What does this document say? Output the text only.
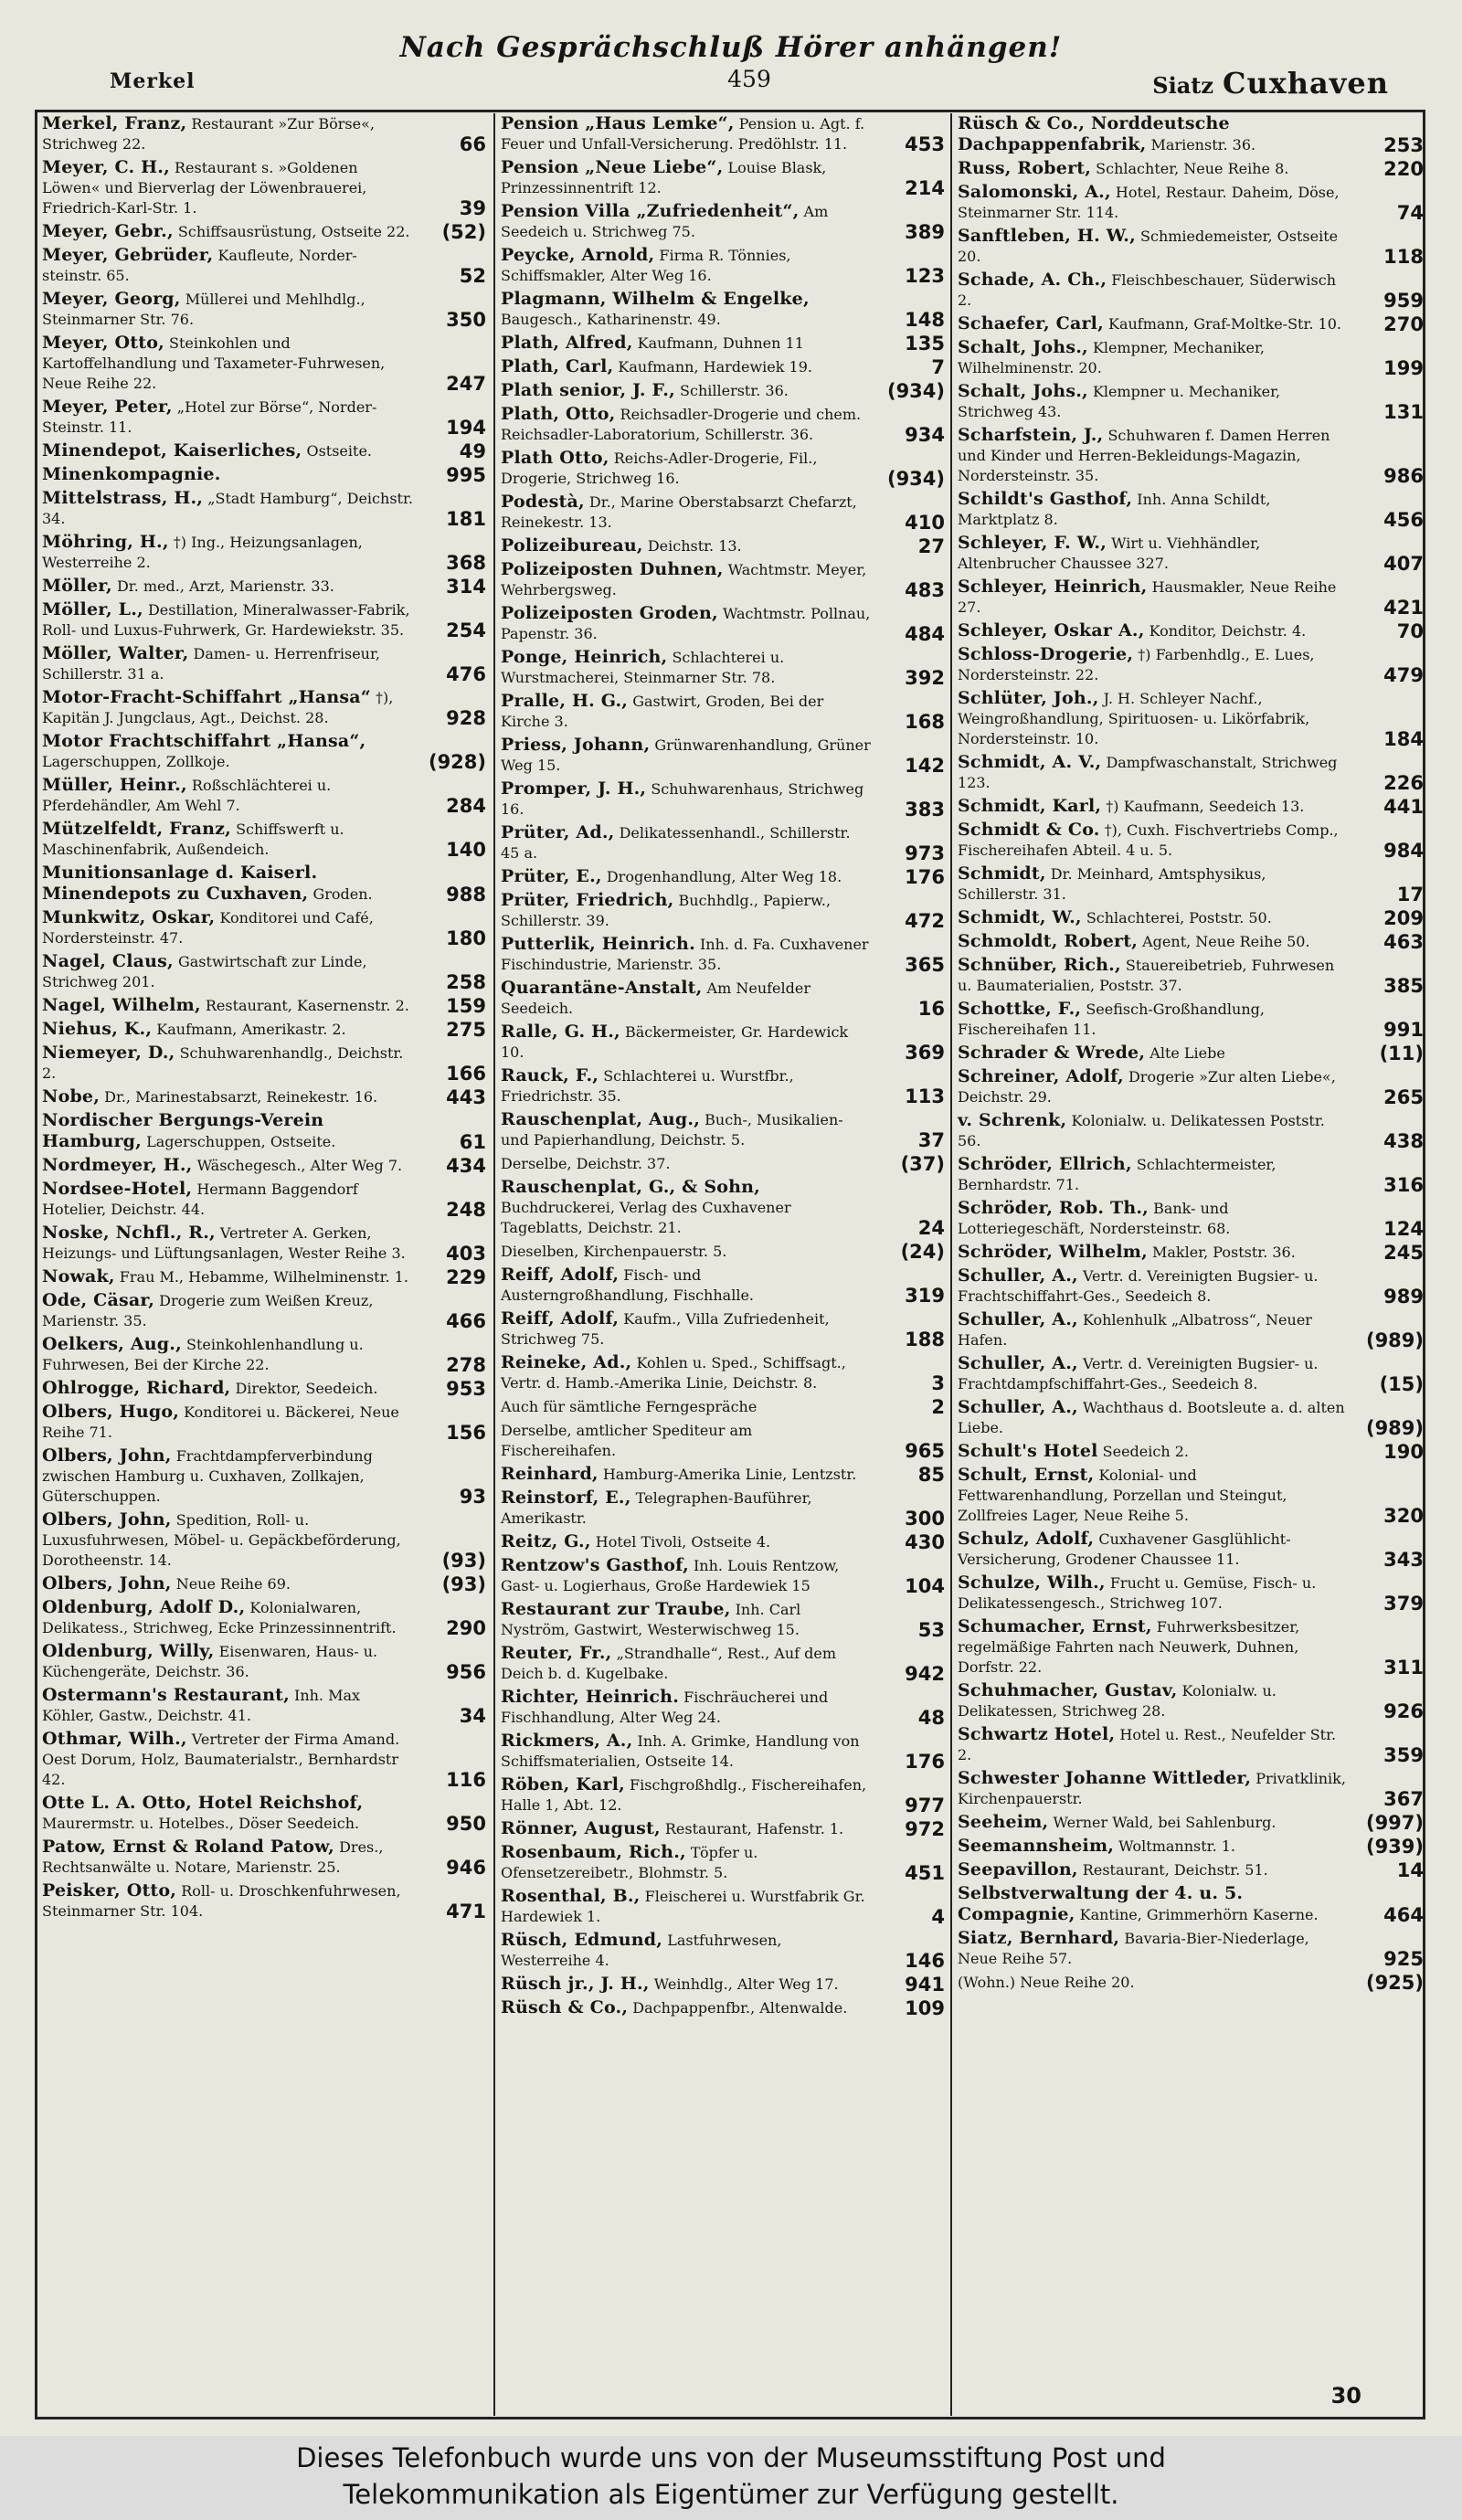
Nach Gesprächschluß Hörer anhängen!
Merkel	459	Siatz Cuxhaven
Merkel, Franz, Restaurant »Zur Börse«, Strichweg 22.	66
Meyer, C. H., Restaurant s. »Goldenen Löwen« und Bierverlag der Löwenbrauerei, Friedrich-Karl-Str. 1.	39
Meyer, Gebr., Schiffsausrüstung, Ostseite 22.	(52)
Meyer, Gebrüder, Kaufleute, Norder-steinstr. 65.	52
Meyer, Georg, Müllerei und Mehlhdlg., Steinmarner Str. 76.	350
Meyer, Otto, Steinkohlen und Kartoffelhandlung und Taxameter-Fuhrwesen, Neue Reihe 22.	247
Meyer, Peter, „Hotel zur Börse“, Norder-Steinstr. 11.	194
Minendepot, Kaiserliches, Ostseite.	49
Minenkompagnie.	995
Mittelstrass, H., „Stadt Hamburg“, Deichstr. 34.	181
Möhring, H., †) Ing., Heizungsanlagen, Westerreihe 2.	368
Möller, Dr. med., Arzt, Marienstr. 33.	314
Möller, L., Destillation, Mineralwasser-Fabrik, Roll- und Luxus-Fuhrwerk, Gr. Hardewiekstr. 35.	254
Möller, Walter, Damen- u. Herrenfriseur, Schillerstr. 31 a.	476
Motor-Fracht-Schiffahrt „Hansa“ †), Kapitän J. Jungclaus, Agt., Deichst. 28.	928
Motor Frachtschiffahrt „Hansa“, Lagerschuppen, Zollkoje.	(928)
Müller, Heinr., Roßschlächterei u. Pferdehändler, Am Wehl 7.	284
Mützelfeldt, Franz, Schiffswerft u. Maschinenfabrik, Außendeich.	140
Munitionsanlage d. Kaiserl. Minendepots zu Cuxhaven, Groden.	988
Munkwitz, Oskar, Konditorei und Café, Nordersteinstr. 47.	180
Nagel, Claus, Gastwirtschaft zur Linde, Strichweg 201.	258
Nagel, Wilhelm, Restaurant, Kasernenstr. 2.	159
Niehus, K., Kaufmann, Amerikastr. 2.	275
Niemeyer, D., Schuhwarenhandlg., Deichstr. 2.	166
Nobe, Dr., Marinestabsarzt, Reinekestr. 16.	443
Nordischer Bergungs-Verein Hamburg, Lagerschuppen, Ostseite.	61
Nordmeyer, H., Wäschegesch., Alter Weg 7.	434
Nordsee-Hotel, Hermann Baggendorf Hotelier, Deichstr. 44.	248
Noske, Nchfl., R., Vertreter A. Gerken, Heizungs- und Lüftungsanlagen, Wester Reihe 3.	403
Nowak, Frau M., Hebamme, Wilhelminenstr. 1.	229
Ode, Cäsar, Drogerie zum Weißen Kreuz, Marienstr. 35.	466
Oelkers, Aug., Steinkohlenhandlung u. Fuhrwesen, Bei der Kirche 22.	278
Ohlrogge, Richard, Direktor, Seedeich.	953
Olbers, Hugo, Konditorei u. Bäckerei, Neue Reihe 71.	156
Olbers, John, Frachtdampferverbindung zwischen Hamburg u. Cuxhaven, Zollkajen, Güterschuppen.	93
Olbers, John, Spedition, Roll- u. Luxusfuhrwesen, Möbel- u. Gepäckbeförderung, Dorotheenstr. 14.	(93)
Olbers, John, Neue Reihe 69.	(93)
Oldenburg, Adolf D., Kolonialwaren, Delikatess., Strichweg, Ecke Prinzessinnentrift.	290
Oldenburg, Willy, Eisenwaren, Haus- u. Küchengeräte, Deichstr. 36.	956
Ostermann's Restaurant, Inh. Max Köhler, Gastw., Deichstr. 41.	34
Othmar, Wilh., Vertreter der Firma Amand. Oest Dorum, Holz, Baumaterialstr., Bernhardstr 42.	116
Otte L. A. Otto, Hotel Reichshof, Maurermstr. u. Hotelbes., Döser Seedeich.	950
Patow, Ernst & Roland Patow, Dres., Rechtsanwälte u. Notare, Marienstr. 25.	946
Peisker, Otto, Roll- u. Droschkenfuhrwesen, Steinmarner Str. 104.	471
Pension „Haus Lemke“, Pension u. Agt. f. Feuer und Unfall-Versicherung. Predöhlstr. 11.	453
Pension „Neue Liebe“, Louise Blask, Prinzessinnentrift 12.	214
Pension Villa „Zufriedenheit“, Am Seedeich u. Strichweg 75.	389
Peycke, Arnold, Firma R. Tönnies, Schiffsmakler, Alter Weg 16.	123
Plagmann, Wilhelm & Engelke, Baugesch., Katharinenstr. 49.	148
Plath, Alfred, Kaufmann, Duhnen 11	135
Plath, Carl, Kaufmann, Hardewiek 19.	7
Plath senior, J. F., Schillerstr. 36.	(934)
Plath, Otto, Reichsadler-Drogerie und chem. Reichsadler-Laboratorium, Schillerstr. 36.	934
Plath Otto, Reichs-Adler-Drogerie, Fil., Drogerie, Strichweg 16.	(934)
Podestà, Dr., Marine Oberstabsarzt Chefarzt, Reinekestr. 13.	410
Polizeibureau, Deichstr. 13.	27
Polizeiposten Duhnen, Wachtmstr. Meyer, Wehrbergsweg.	483
Polizeiposten Groden, Wachtmstr. Pollnau, Papenstr. 36.	484
Ponge, Heinrich, Schlachterei u. Wurstmacherei, Steinmarner Str. 78.	392
Pralle, H. G., Gastwirt, Groden, Bei der Kirche 3.	168
Priess, Johann, Grünwarenhandlung, Grüner Weg 15.	142
Promper, J. H., Schuhwarenhaus, Strichweg 16.	383
Prüter, Ad., Delikatessenhandl., Schillerstr. 45 a.	973
Prüter, E., Drogenhandlung, Alter Weg 18.	176
Prüter, Friedrich, Buchhdlg., Papierw., Schillerstr. 39.	472
Putterlik, Heinrich. Inh. d. Fa. Cuxhavener Fischindustrie, Marienstr. 35.	365
Quarantäne-Anstalt, Am Neufelder Seedeich.	16
Ralle, G. H., Bäckermeister, Gr. Hardewick 10.	369
Rauck, F., Schlachterei u. Wurstfbr., Friedrichstr. 35.	113
Rauschenplat, Aug., Buch-, Musikalien- und Papierhandlung, Deichstr. 5.	37
Derselbe, Deichstr. 37.	(37)
Rauschenplat, G., & Sohn, Buchdruckerei, Verlag des Cuxhavener Tageblatts, Deichstr. 21.	24
Dieselben, Kirchenpauerstr. 5.	(24)
Reiff, Adolf, Fisch- und Austerngroßhandlung, Fischhalle.	319
Reiff, Adolf, Kaufm., Villa Zufriedenheit, Strichweg 75.	188
Reineke, Ad., Kohlen u. Sped., Schiffsagt., Vertr. d. Hamb.-Amerika Linie, Deichstr. 8.	3
Auch für sämtliche Ferngespräche	2
Derselbe, amtlicher Spediteur am Fischereihafen.	965
Reinhard, Hamburg-Amerika Linie, Lentzstr.	85
Reinstorf, E., Telegraphen-Bauführer, Amerikastr.	300
Reitz, G., Hotel Tivoli, Ostseite 4.	430
Rentzow's Gasthof, Inh. Louis Rentzow, Gast- u. Logierhaus, Große Hardewiek 15	104
Restaurant zur Traube, Inh. Carl Nyström, Gastwirt, Westerwischweg 15.	53
Reuter, Fr., „Strandhalle“, Rest., Auf dem Deich b. d. Kugelbake.	942
Richter, Heinrich. Fischräucherei und Fischhandlung, Alter Weg 24.	48
Rickmers, A., Inh. A. Grimke, Handlung von Schiffsmaterialien, Ostseite 14.	176
Röben, Karl, Fischgroßhdlg., Fischereihafen, Halle 1, Abt. 12.	977
Rönner, August, Restaurant, Hafenstr. 1.	972
Rosenbaum, Rich., Töpfer u. Ofensetzereibetr., Blohmstr. 5.	451
Rosenthal, B., Fleischerei u. Wurstfabrik Gr. Hardewiek 1.	4
Rüsch, Edmund, Lastfuhrwesen, Westerreihe 4.	146
Rüsch jr., J. H., Weinhdlg., Alter Weg 17.	941
Rüsch & Co., Dachpappenfbr., Altenwalde.	109
Rüsch & Co., Norddeutsche Dachpappenfabrik, Marienstr. 36.	253
Russ, Robert, Schlachter, Neue Reihe 8.	220
Salomonski, A., Hotel, Restaur. Daheim, Döse, Steinmarner Str. 114.	74
Sanftleben, H. W., Schmiedemeister, Ostseite 20.	118
Schade, A. Ch., Fleischbeschauer, Süderwisch 2.	959
Schaefer, Carl, Kaufmann, Graf-Moltke-Str. 10.	270
Schalt, Johs., Klempner, Mechaniker, Wilhelminenstr. 20.	199
Schalt, Johs., Klempner u. Mechaniker, Strichweg 43.	131
Scharfstein, J., Schuhwaren f. Damen Herren und Kinder und Herren-Bekleidungs-Magazin, Nordersteinstr. 35.	986
Schildt's Gasthof, Inh. Anna Schildt, Marktplatz 8.	456
Schleyer, F. W., Wirt u. Viehhändler, Altenbrucher Chaussee 327.	407
Schleyer, Heinrich, Hausmakler, Neue Reihe 27.	421
Schleyer, Oskar A., Konditor, Deichstr. 4.	70
Schloss-Drogerie, †) Farbenhdlg., E. Lues, Nordersteinstr. 22.	479
Schlüter, Joh., J. H. Schleyer Nachf., Weingroßhandlung, Spirituosen- u. Likörfabrik, Nordersteinstr. 10.	184
Schmidt, A. V., Dampfwaschanstalt, Strichweg 123.	226
Schmidt, Karl, †) Kaufmann, Seedeich 13.	441
Schmidt & Co. †), Cuxh. Fischvertriebs Comp., Fischereihafen Abteil. 4 u. 5.	984
Schmidt, Dr. Meinhard, Amtsphysikus, Schillerstr. 31.	17
Schmidt, W., Schlachterei, Poststr. 50.	209
Schmoldt, Robert, Agent, Neue Reihe 50.	463
Schnüber, Rich., Stauereibetrieb, Fuhrwesen u. Baumaterialien, Poststr. 37.	385
Schottke, F., Seefisch-Großhandlung, Fischereihafen 11.	991
Schrader & Wrede, Alte Liebe	(11)
Schreiner, Adolf, Drogerie »Zur alten Liebe«, Deichstr. 29.	265
v. Schrenk, Kolonialw. u. Delikatessen Poststr. 56.	438
Schröder, Ellrich, Schlachtermeister, Bernhardstr. 71.	316
Schröder, Rob. Th., Bank- und Lotteriegeschäft, Nordersteinstr. 68.	124
Schröder, Wilhelm, Makler, Poststr. 36.	245
Schuller, A., Vertr. d. Vereinigten Bugsier- u. Frachtschiffahrt-Ges., Seedeich 8.	989
Schuller, A., Kohlenhulk „Albatross“, Neuer Hafen.	(989)
Schuller, A., Vertr. d. Vereinigten Bugsier- u. Frachtdampfschiffahrt-Ges., Seedeich 8.	(15)
Schuller, A., Wachthaus d. Bootsleute a. d. alten Liebe.	(989)
Schult's Hotel Seedeich 2.	190
Schult, Ernst, Kolonial- und Fettwarenhandlung, Porzellan und Steingut, Zollfreies Lager, Neue Reihe 5.	320
Schulz, Adolf, Cuxhavener Gasglühlicht-Versicherung, Grodener Chaussee 11.	343
Schulze, Wilh., Frucht u. Gemüse, Fisch- u. Delikatessengesch., Strichweg 107.	379
Schumacher, Ernst, Fuhrwerksbesitzer, regelmäßige Fahrten nach Neuwerk, Duhnen, Dorfstr. 22.	311
Schuhmacher, Gustav, Kolonialw. u. Delikatessen, Strichweg 28.	926
Schwartz Hotel, Hotel u. Rest., Neufelder Str. 2.	359
Schwester Johanne Wittleder, Privatklinik, Kirchenpauerstr.	367
Seeheim, Werner Wald, bei Sahlenburg.	(997)
Seemannsheim, Woltmannstr. 1.	(939)
Seepavillon, Restaurant, Deichstr. 51.	14
Selbstverwaltung der 4. u. 5. Compagnie, Kantine, Grimmerhörn Kaserne.	464
Siatz, Bernhard, Bavaria-Bier-Niederlage, Neue Reihe 57.	925
(Wohn.) Neue Reihe 20.	(925)
30
Dieses Telefonbuch wurde uns von der Museumsstiftung Post und
Telekommunikation als Eigentümer zur Verfügung gestellt.
